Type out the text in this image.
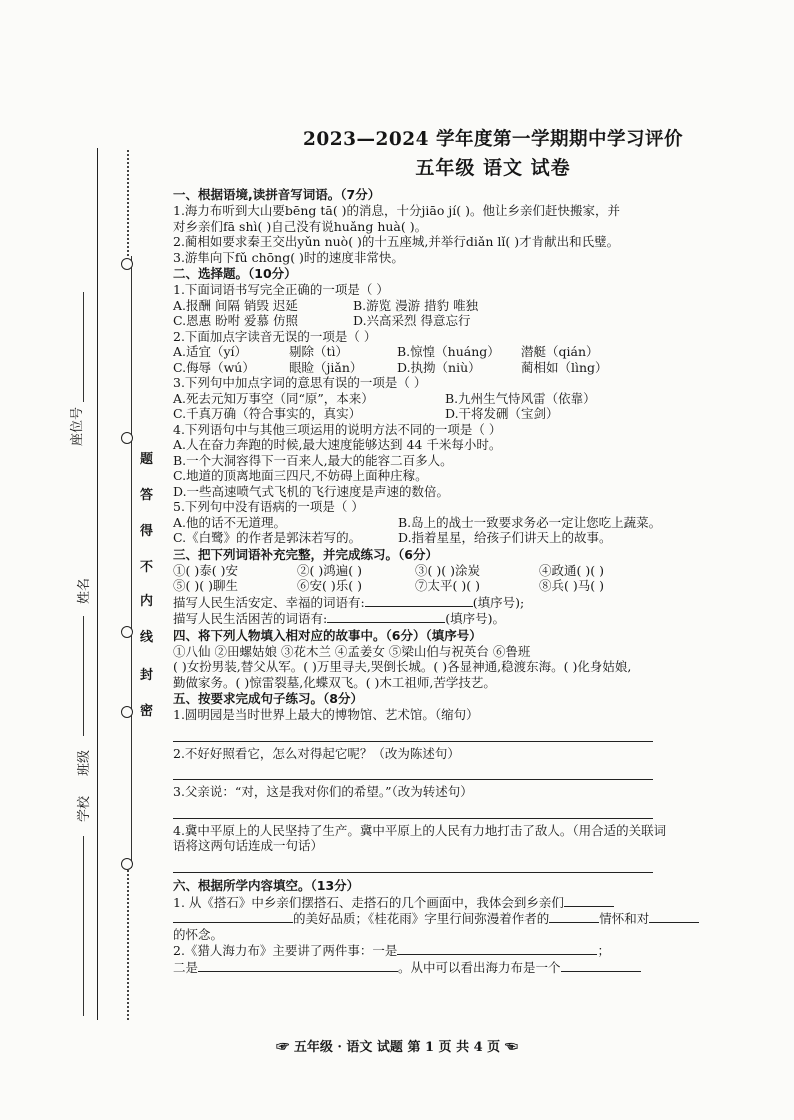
座位号
姓名
班级
学校
题
答
得
不
内
线
封
密
2023—2024 学年度第一学期期中学习评价
五年级 语文 试卷
一、根据语境,读拼音写词语。（7分）
1.海力布听到大山要bēng tā( )的消息，十分jiāo jí( )。他让乡亲们赶快搬家，并
对乡亲们fā shì( )自己没有说huǎng huà( )。
2.蔺相如要求秦王交出yǔn nuò( )的十五座城,并举行diǎn lǐ( )才肯献出和氏璧。
3.游隼向下fǔ chōng( )时的速度非常快。
二、选择题。（10分）
1.下面词语书写完全正确的一项是（ ）
A.报酬 间隔 销毁 迟延	B.游览 漫游 措豹 唯独
C.恩惠 盼咐 爱慕 仿照	D.兴高采烈 得意忘行
2.下面加点字读音无误的一项是（ ）
A.适宜（yí）	剔除（tì）	B.惊惶（huáng）	潜艇（qián）
C.侮辱（wú）	眼睑（jiǎn）	D.执拗（niù）	蔺相如（lìng）
3.下列句中加点字词的意思有误的一项是（ ）
A.死去元知万事空（同“原”，本来）	B.九州生气恃风雷（依靠）
C.千真万确（符合事实的，真实）	D.干将发硎（宝剑）
4.下列语句中与其他三项运用的说明方法不同的一项是（ ）
A.人在奋力奔跑的时候,最大速度能够达到 44 千米每小时。
B.一个大洞容得下一百来人,最大的能容二百多人。
C.地道的顶离地面三四尺,不妨碍上面种庄稼。
D.一些高速喷气式飞机的飞行速度是声速的数倍。
5.下列句中没有语病的一项是（ ）
A.他的话不无道理。	B.岛上的战士一致要求务必一定让您吃上蔬菜。
C.《白鹭》的作者是郭沫若写的。	D.指着星星，给孩子们讲天上的故事。
三、把下列词语补充完整，并完成练习。（6分）
①( )泰( )安	②( )鸿遍( )	③( )( )涂炭	④政通( )( )
⑤( )( )聊生	⑥安( )乐( )	⑦太平( )( )	⑧兵( )马( )
描写人民生活安定、幸福的词语有:	(填序号);
描写人民生活困苦的词语有:	(填序号)。
四、将下列人物填入相对应的故事中。（6分）（填序号）
①八仙 ②田螺姑娘 ③花木兰 ④孟姜女 ⑤梁山伯与祝英台 ⑥鲁班
( )女扮男装,替父从军。( )万里寻夫,哭倒长城。( )各显神通,稳渡东海。( )化身姑娘,
勤做家务。( )惊雷裂墓,化蝶双飞。( )木工祖师,苦学技艺。
五、按要求完成句子练习。（8分）
1.圆明园是当时世界上最大的博物馆、艺术馆。（缩句）
2.不好好照看它，怎么对得起它呢？（改为陈述句）
3.父亲说：“对，这是我对你们的希望。”（改为转述句）
4.冀中平原上的人民坚持了生产。冀中平原上的人民有力地打击了敌人。（用合适的关联词
语将这两句话连成一句话）
六、根据所学内容填空。（13分）
1. 从《搭石》中乡亲们摆搭石、走搭石的几个画面中，我体会到乡亲们
的美好品质；《桂花雨》字里行间弥漫着作者的	情怀和对
的怀念。
2.《猎人海力布》主要讲了两件事：一是	；
二是	。从中可以看出海力布是一个
☞ 五年级 · 语文 试题 第 1 页 共 4 页 ☜
